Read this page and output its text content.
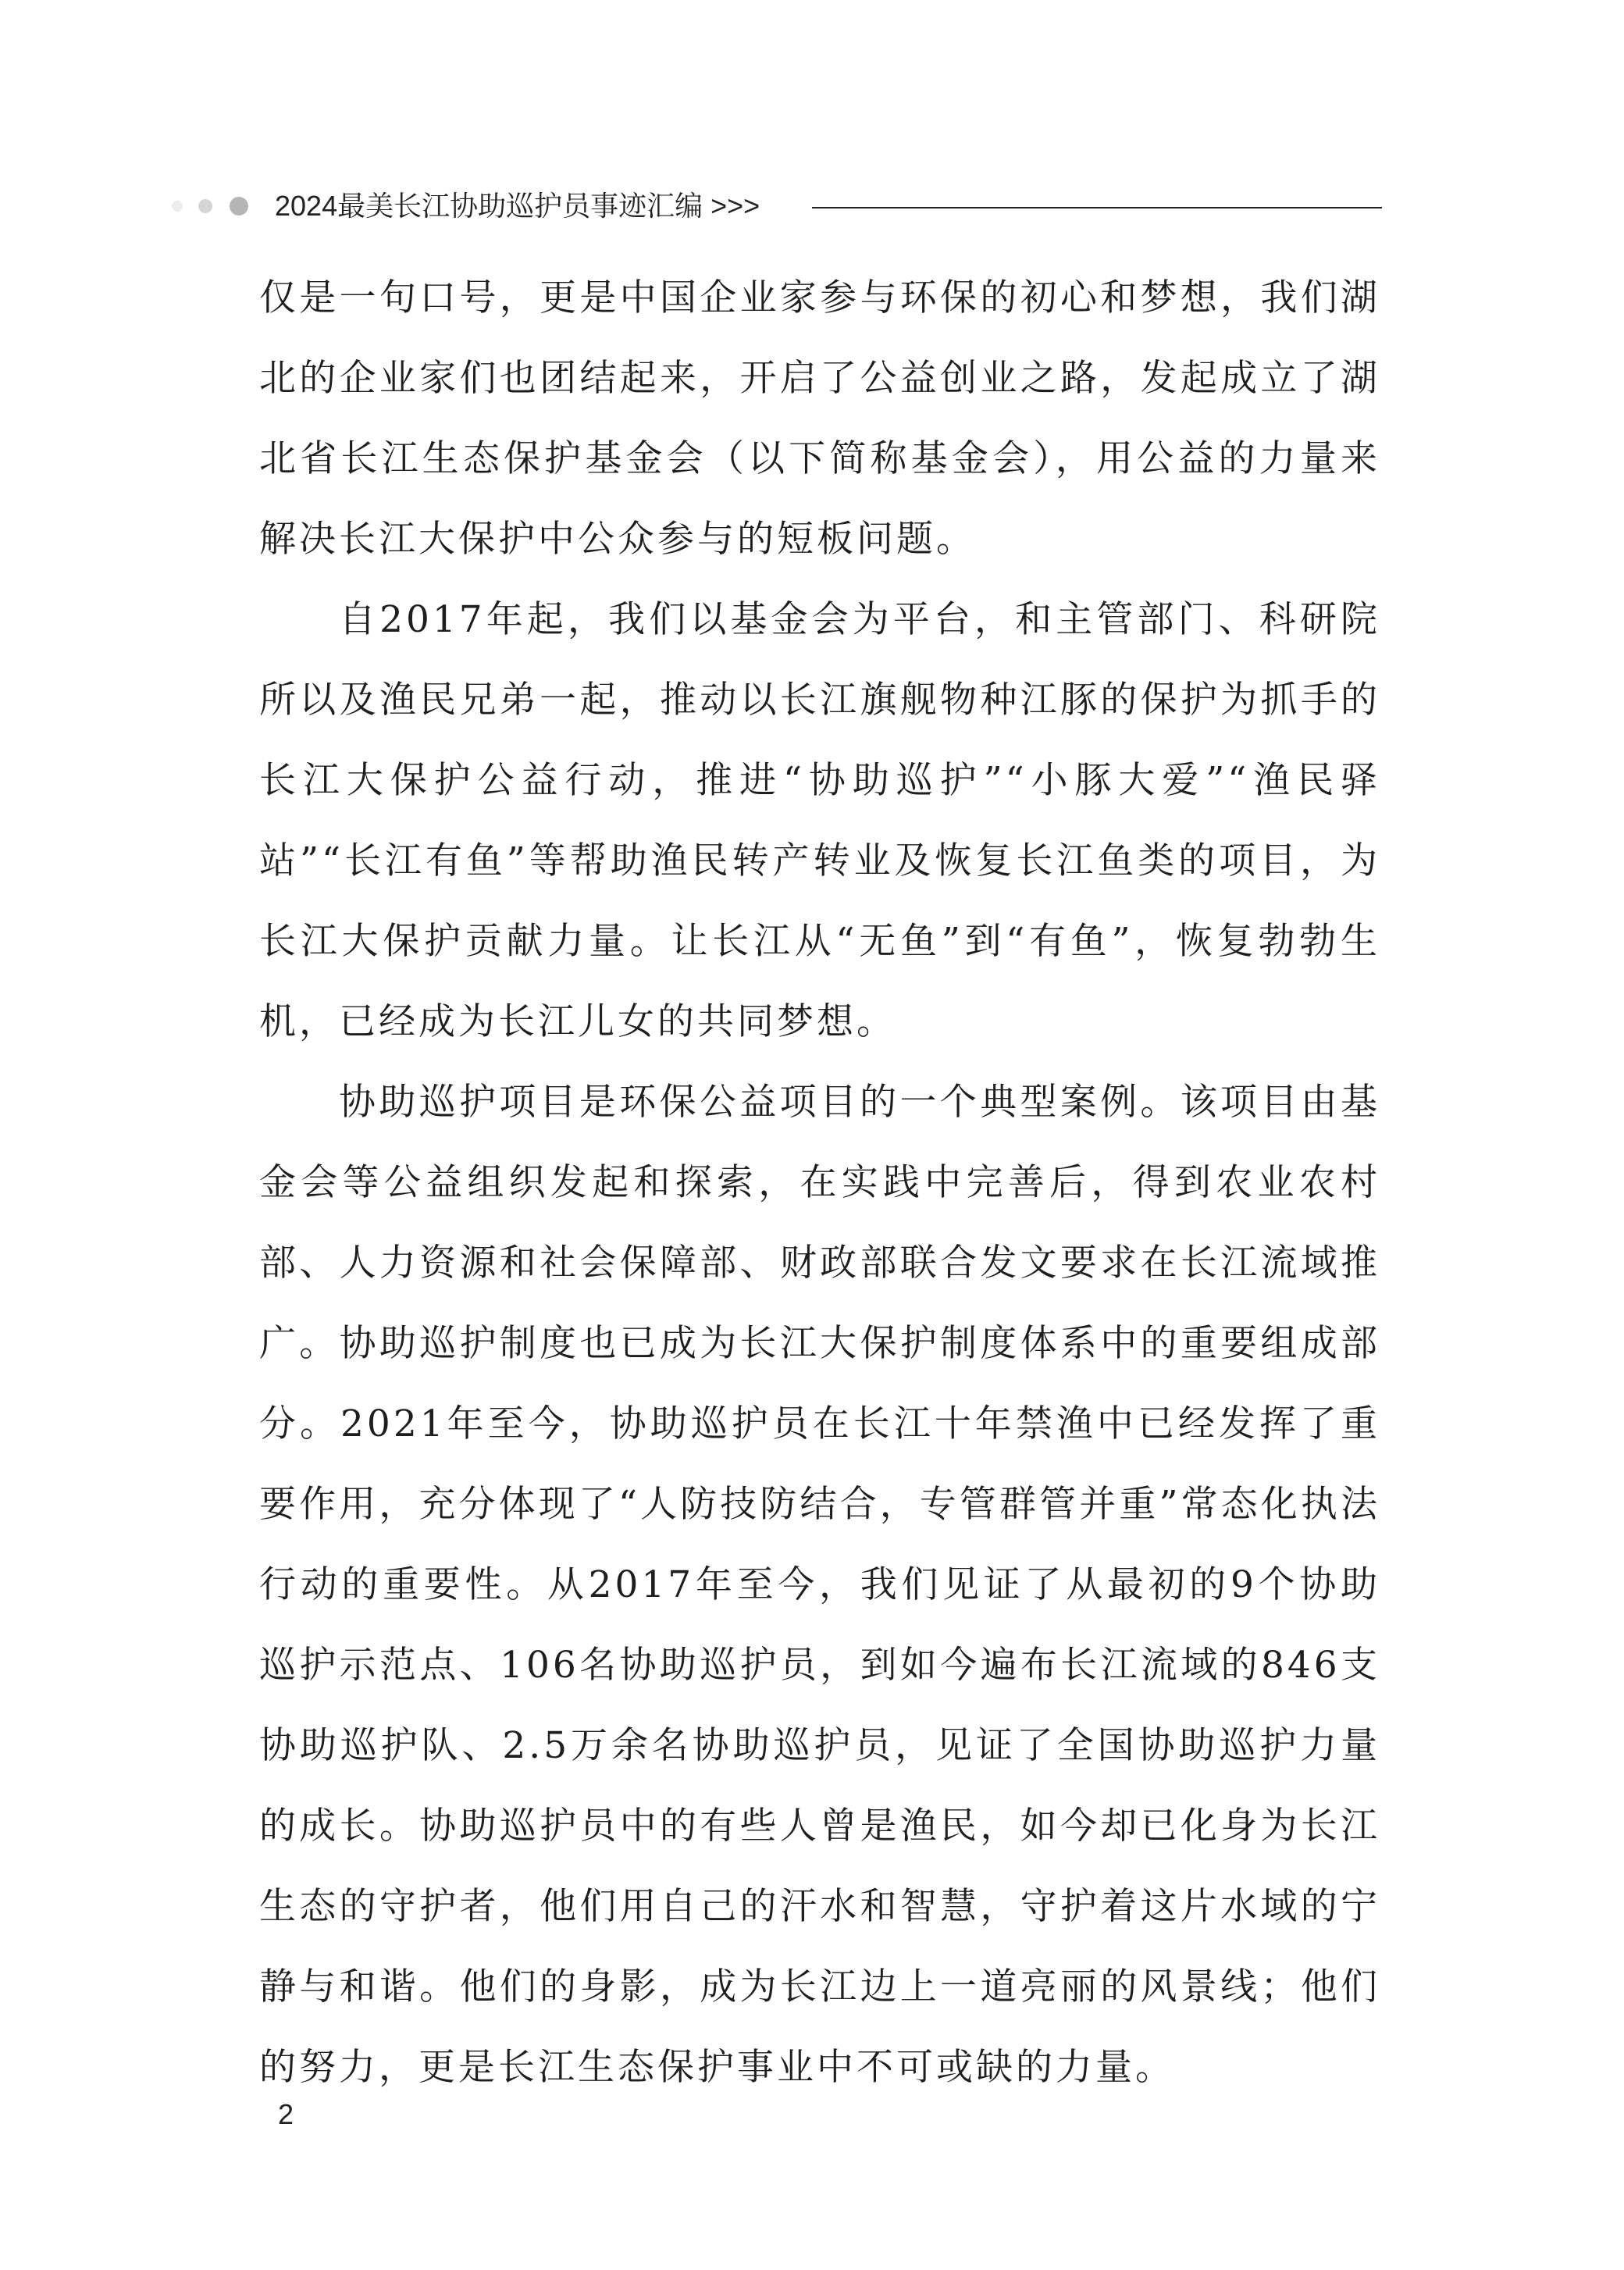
2024最美长江协助巡护员事迹汇编 >>>

仅是一句口号，更是中国企业家参与环保的初心和梦想，我们湖北的企业家们也团结起来，开启了公益创业之路，发起成立了湖北省长江生态保护基金会（以下简称基金会），用公益的力量来解决长江大保护中公众参与的短板问题。

自2017年起，我们以基金会为平台，和主管部门、科研院所以及渔民兄弟一起，推动以长江旗舰物种江豚的保护为抓手的长江大保护公益行动，推进“协助巡护”“小豚大爱”“渔民驿站”“长江有鱼”等帮助渔民转产转业及恢复长江鱼类的项目，为长江大保护贡献力量。让长江从“无鱼”到“有鱼”，恢复勃勃生机，已经成为长江儿女的共同梦想。

协助巡护项目是环保公益项目的一个典型案例。该项目由基金会等公益组织发起和探索，在实践中完善后，得到农业农村部、人力资源和社会保障部、财政部联合发文要求在长江流域推广。协助巡护制度也已成为长江大保护制度体系中的重要组成部分。2021年至今，协助巡护员在长江十年禁渔中已经发挥了重要作用，充分体现了“人防技防结合，专管群管并重”常态化执法行动的重要性。从2017年至今，我们见证了从最初的9个协助巡护示范点、106名协助巡护员，到如今遍布长江流域的846支协助巡护队、2.5万余名协助巡护员，见证了全国协助巡护力量的成长。协助巡护员中的有些人曾是渔民，如今却已化身为长江生态的守护者，他们用自己的汗水和智慧，守护着这片水域的宁静与和谐。他们的身影，成为长江边上一道亮丽的风景线；他们的努力，更是长江生态保护事业中不可或缺的力量。

2
